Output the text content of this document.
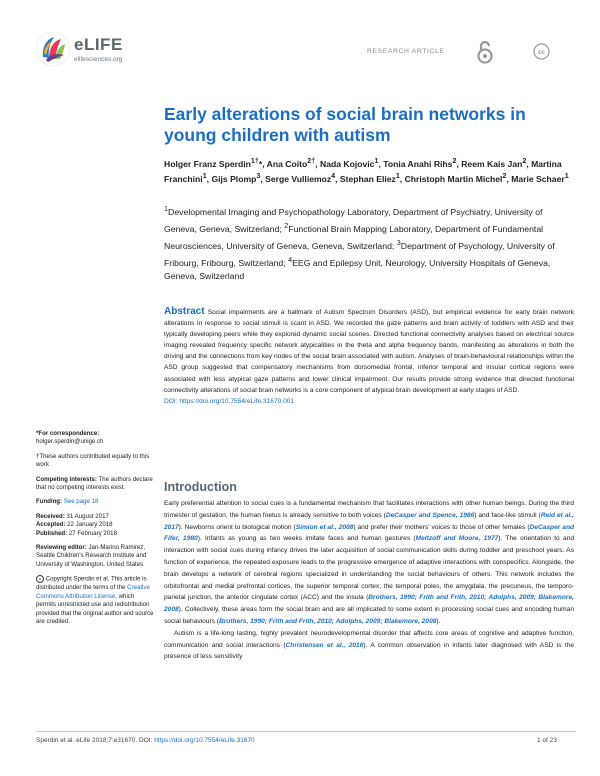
eLIFE
elifesciences.org
RESEARCH ARTICLE	cc
Early alterations of social brain networks in young children with autism
Holger Franz Sperdin$^{1\dagger}$*, Ana Coito$^{2\dagger}$, Nada Kojovic$^1$, Tonia Anahi Rihs$^2$, Reem Kais Jan$^2$, Martina Franchini$^1$, Gijs Plomp$^3$, Serge Vulliemoz$^4$, Stephan Eliez$^1$, Christoph Martin Michel$^2$, Marie Schaer$^1$
$^1$Developmental Imaging and Psychopathology Laboratory, Department of Psychiatry, University of Geneva, Geneva, Switzerland; $^2$Functional Brain Mapping Laboratory, Department of Fundamental Neurosciences, University of Geneva, Geneva, Switzerland; $^3$Department of Psychology, University of Fribourg, Fribourg, Switzerland; $^4$EEG and Epilepsy Unit, Neurology, University Hospitals of Geneva, Geneva, Switzerland
Abstract Social impairments are a hallmark of Autism Spectrum Disorders (ASD), but empirical evidence for early brain network alterations in response to social stimuli is scant in ASD. We recorded the gaze patterns and brain activity of toddlers with ASD and their typically developing peers while they explored dynamic social scenes. Directed functional connectivity analyses based on electrical source imaging revealed frequency specific network atypicalities in the theta and alpha frequency bands, manifesting as alterations in both the driving and the connections from key nodes of the social brain associated with autism. Analyses of brain-behavioural relationships within the ASD group suggested that compensatory mechanisms from dorsomedial frontal, inferior temporal and insular cortical regions were associated with less atypical gaze patterns and lower clinical impairment. Our results provide strong evidence that directed functional connectivity alterations of social brain networks is a core component of atypical brain development at early stages of ASD.
DOI: https://doi.org/10.7554/eLife.31670.001

*For correspondence:
holger.sperdin@unige.ch

†These authors contributed equally to this work

Competing interests: The authors declare that no competing interests exist.

Funding: See page 18

Received: 31 August 2017
Accepted: 22 January 2018
Published: 27 February 2018

Reviewing editor: Jan-Marino Ramirez, Seattle Children's Research Institute and University of Washington, United States

c Copyright Sperdin et al. This article is distributed under the terms of the Creative Commons Attribution License, which permits unrestricted use and redistribution provided that the original author and source are credited.

Introduction

Early preferential attention to social cues is a fundamental mechanism that facilitates interactions with other human beings. During the third trimester of gestation, the human foetus is already sensitive to both voices (DeCasper and Spence, 1986) and face-like stimuli (Reid et al., 2017). Newborns orient to biological motion (Simion et al., 2008) and prefer their mothers' voices to those of other females (DeCasper and Fifer, 1980). Infants as young as two weeks imitate faces and human gestures (Meltzoff and Moore, 1977). The orientation to and interaction with social cues during infancy drives the later acquisition of social communication skills during toddler and preschool years. As function of experience, the repeated exposure leads to the progressive emergence of adaptive interactions with conspecifics. Alongside, the brain develops a network of cerebral regions specialized in understanding the social behaviours of others. This network includes the orbitofrontal and medial prefrontal cortices, the superior temporal cortex, the temporal poles, the amygdala, the precuneus, the temporo-parietal junction, the anterior cingulate cortex (ACC) and the insula (Brothers, 1990; Frith and Frith, 2010; Adolphs, 2009; Blakemore, 2008). Collectively, these areas form the social brain and are all implicated to some extent in processing social cues and encoding human social behaviours (Brothers, 1990; Frith and Frith, 2010; Adolphs, 2009; Blakemore, 2008).

Autism is a life-long lasting, highly prevalent neurodevelopmental disorder that affects core areas of cognitive and adaptive function, communication and social interactions (Christensen et al., 2016). A common observation in infants later diagnosed with ASD is the presence of less sensitivity

Sperdin et al. eLife 2018;7:e31670. DOI: https://doi.org/10.7554/eLife.31670	1 of 23
